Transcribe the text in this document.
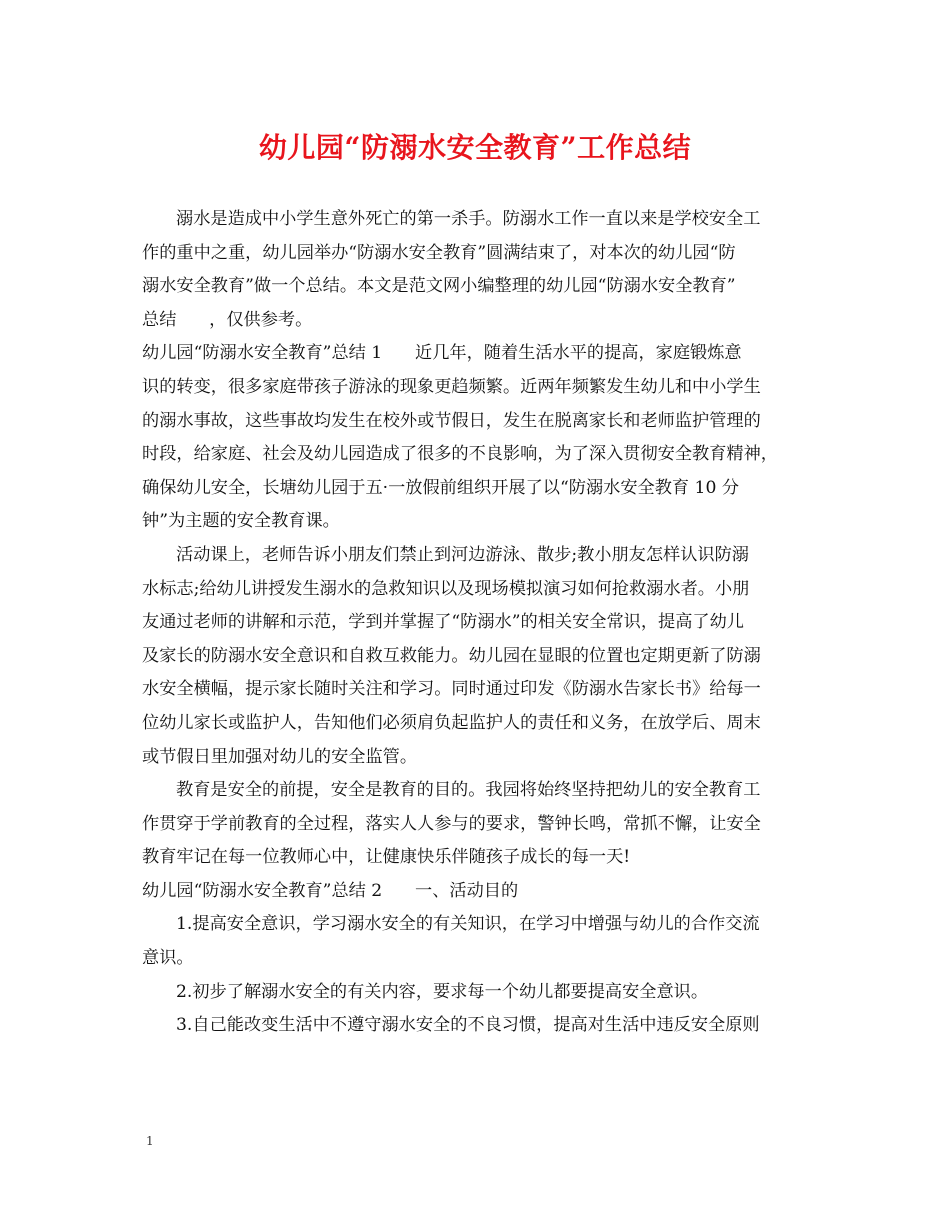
幼儿园“防溺水安全教育”工作总结
溺水是造成中小学生意外死亡的第一杀手。防溺水工作一直以来是学校安全工
作的重中之重，幼儿园举办“防溺水安全教育”圆满结束了，对本次的幼儿园“防
溺水安全教育”做一个总结。本文是范文网小编整理的幼儿园“防溺水安全教育”
总结      ，仅供参考。
幼儿园“防溺水安全教育”总结 1      近几年，随着生活水平的提高，家庭锻炼意
识的转变，很多家庭带孩子游泳的现象更趋频繁。近两年频繁发生幼儿和中小学生
的溺水事故，这些事故均发生在校外或节假日，发生在脱离家长和老师监护管理的
时段，给家庭、社会及幼儿园造成了很多的不良影响，为了深入贯彻安全教育精神，
确保幼儿安全，长塘幼儿园于五·一放假前组织开展了以“防溺水安全教育 10 分
钟”为主题的安全教育课。
活动课上，老师告诉小朋友们禁止到河边游泳、散步;教小朋友怎样认识防溺
水标志;给幼儿讲授发生溺水的急救知识以及现场模拟演习如何抢救溺水者。小朋
友通过老师的讲解和示范，学到并掌握了“防溺水”的相关安全常识，提高了幼儿
及家长的防溺水安全意识和自救互救能力。幼儿园在显眼的位置也定期更新了防溺
水安全横幅，提示家长随时关注和学习。同时通过印发《防溺水告家长书》给每一
位幼儿家长或监护人，告知他们必须肩负起监护人的责任和义务，在放学后、周末
或节假日里加强对幼儿的安全监管。
教育是安全的前提，安全是教育的目的。我园将始终坚持把幼儿的安全教育工
作贯穿于学前教育的全过程，落实人人参与的要求，警钟长鸣，常抓不懈，让安全
教育牢记在每一位教师心中，让健康快乐伴随孩子成长的每一天!
幼儿园“防溺水安全教育”总结 2      一、活动目的
1.提高安全意识，学习溺水安全的有关知识，在学习中增强与幼儿的合作交流
意识。
2.初步了解溺水安全的有关内容，要求每一个幼儿都要提高安全意识。
3.自己能改变生活中不遵守溺水安全的不良习惯，提高对生活中违反安全原则
1
